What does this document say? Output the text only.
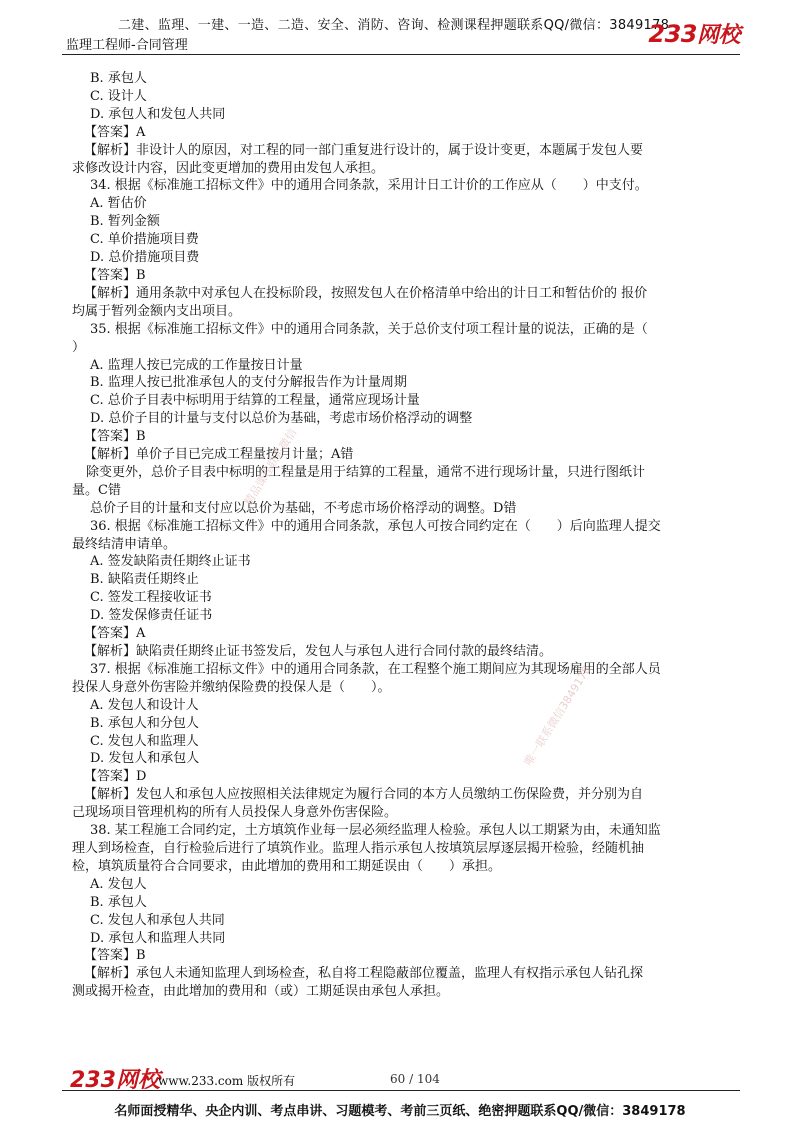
二建、监理、一建、一造、二造、安全、消防、咨询、检测课程押题联系QQ/微信：3849178
监理工程师-合同管理	233网校
B. 承包人
C. 设计人
D. 承包人和发包人共同
【答案】A
【解析】非设计人的原因，对工程的同一部门重复进行设计的，属于设计变更，本题属于发包人要
求修改设计内容，因此变更增加的费用由发包人承担。
34. 根据《标准施工招标文件》中的通用合同条款，采用计日工计价的工作应从（　　）中支付。
A. 暂估价
B. 暂列金额
C. 单价措施项目费
D. 总价措施项目费
【答案】B
【解析】通用条款中对承包人在投标阶段，按照发包人在价格清单中给出的计日工和暂估价的 报价
均属于暂列金额内支出项目。
35. 根据《标准施工招标文件》中的通用合同条款，关于总价支付项工程计量的说法，正确的是（
）
A. 监理人按已完成的工作量按日计量
B. 监理人按已批准承包人的支付分解报告作为计量周期
C. 总价子目表中标明用于结算的工程量，通常应现场计量
D. 总价子目的计量与支付以总价为基础，考虑市场价格浮动的调整
【答案】B
【解析】单价子目已完成工程量按月计量；A错
除变更外，总价子目表中标明的工程量是用于结算的工程量，通常不进行现场计量，只进行图纸计
量。C错
总价子目的计量和支付应以总价为基础，不考虑市场价格浮动的调整。D错
36. 根据《标准施工招标文件》中的通用合同条款，承包人可按合同约定在（　　）后向监理人提交
最终结清申请单。
A. 签发缺陷责任期终止证书
B. 缺陷责任期终止
C. 签发工程接收证书
D. 签发保修责任证书
【答案】A
【解析】缺陷责任期终止证书签发后，发包人与承包人进行合同付款的最终结清。
37. 根据《标准施工招标文件》中的通用合同条款，在工程整个施工期间应为其现场雇用的全部人员
投保人身意外伤害险并缴纳保险费的投保人是（　　）。
A. 发包人和设计人
B. 承包人和分包人
C. 发包人和监理人
D. 发包人和承包人
【答案】D
【解析】发包人和承包人应按照相关法律规定为履行合同的本方人员缴纳工伤保险费，并分别为自
己现场项目管理机构的所有人员投保人身意外伤害保险。
38. 某工程施工合同约定，土方填筑作业每一层必须经监理人检验。承包人以工期紧为由，未通知监
理人到场检查，自行检验后进行了填筑作业。监理人指示承包人按填筑层厚逐层揭开检验，经随机抽
检，填筑质量符合合同要求，由此增加的费用和工期延误由（　　）承担。
A. 发包人
B. 承包人
C. 发包人和承包人共同
D. 承包人和监理人共同
【答案】B
【解析】承包人未通知监理人到场检查，私自将工程隐蔽部位覆盖，监理人有权指示承包人钻孔探
测或揭开检查，由此增加的费用和（或）工期延误由承包人承担。
精品课程联系微信
唯一联系微信3849178
233网校
www.233.com 版权所有	60 / 104
名师面授精华、央企内训、考点串讲、习题模考、考前三页纸、绝密押题联系QQ/微信：3849178
